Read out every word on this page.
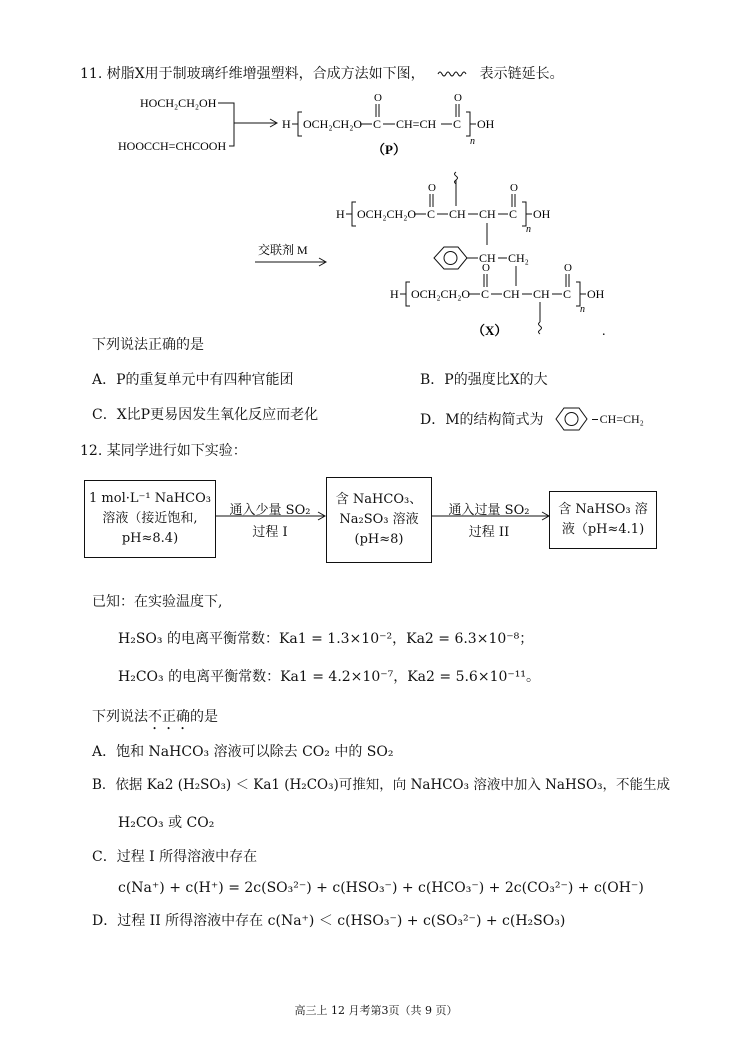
11. 树脂X用于制玻璃纤维增强塑料，合成方法如下图，	表示链延长。
HOCH₂CH₂OH
HOOCCH=CHCOOH
H OCH₂CH₂O C
O
CH=CH C
O
OH
n
（P）
H OCH₂CH₂O C
O
CH CH C
O
OH
n
交联剂 M
CH CH₂
H OCH₂CH₂O C
O
CH CH C
O
OH
n
（X）	.
下列说法正确的是
A．P的重复单元中有四种官能团	B．P的强度比X的大
C．X比P更易因发生氧化反应而老化	D．M的结构简式为	CH=CH₂
12. 某同学进行如下实验：
1 mol·L⁻¹ NaHCO₃
溶液（接近饱和,
pH≈8.4)
通入少量 SO₂
过程 I
含 NaHCO₃、
Na₂SO₃ 溶液
(pH≈8)
通入过量 SO₂
过程 II
含 NaHSO₃ 溶
液（pH≈4.1)
已知：在实验温度下,
H₂SO₃ 的电离平衡常数：Ka1 = 1.3×10⁻²，Ka2 = 6.3×10⁻⁸；
H₂CO₃ 的电离平衡常数：Ka1 = 4.2×10⁻⁷，Ka2 = 5.6×10⁻¹¹。
下列说法不正确的是
A．饱和 NaHCO₃ 溶液可以除去 CO₂ 中的 SO₂
B．依据 Ka2 (H₂SO₃) ＜ Ka1 (H₂CO₃)可推知，向 NaHCO₃ 溶液中加入 NaHSO₃，不能生成
H₂CO₃ 或 CO₂
C．过程 I 所得溶液中存在
c(Na⁺) + c(H⁺) = 2c(SO₃²⁻) + c(HSO₃⁻) + c(HCO₃⁻) + 2c(CO₃²⁻) + c(OH⁻)
D．过程 II 所得溶液中存在 c(Na⁺) ＜ c(HSO₃⁻) + c(SO₃²⁻) + c(H₂SO₃)
高三上 12 月考第3页（共 9 页）
